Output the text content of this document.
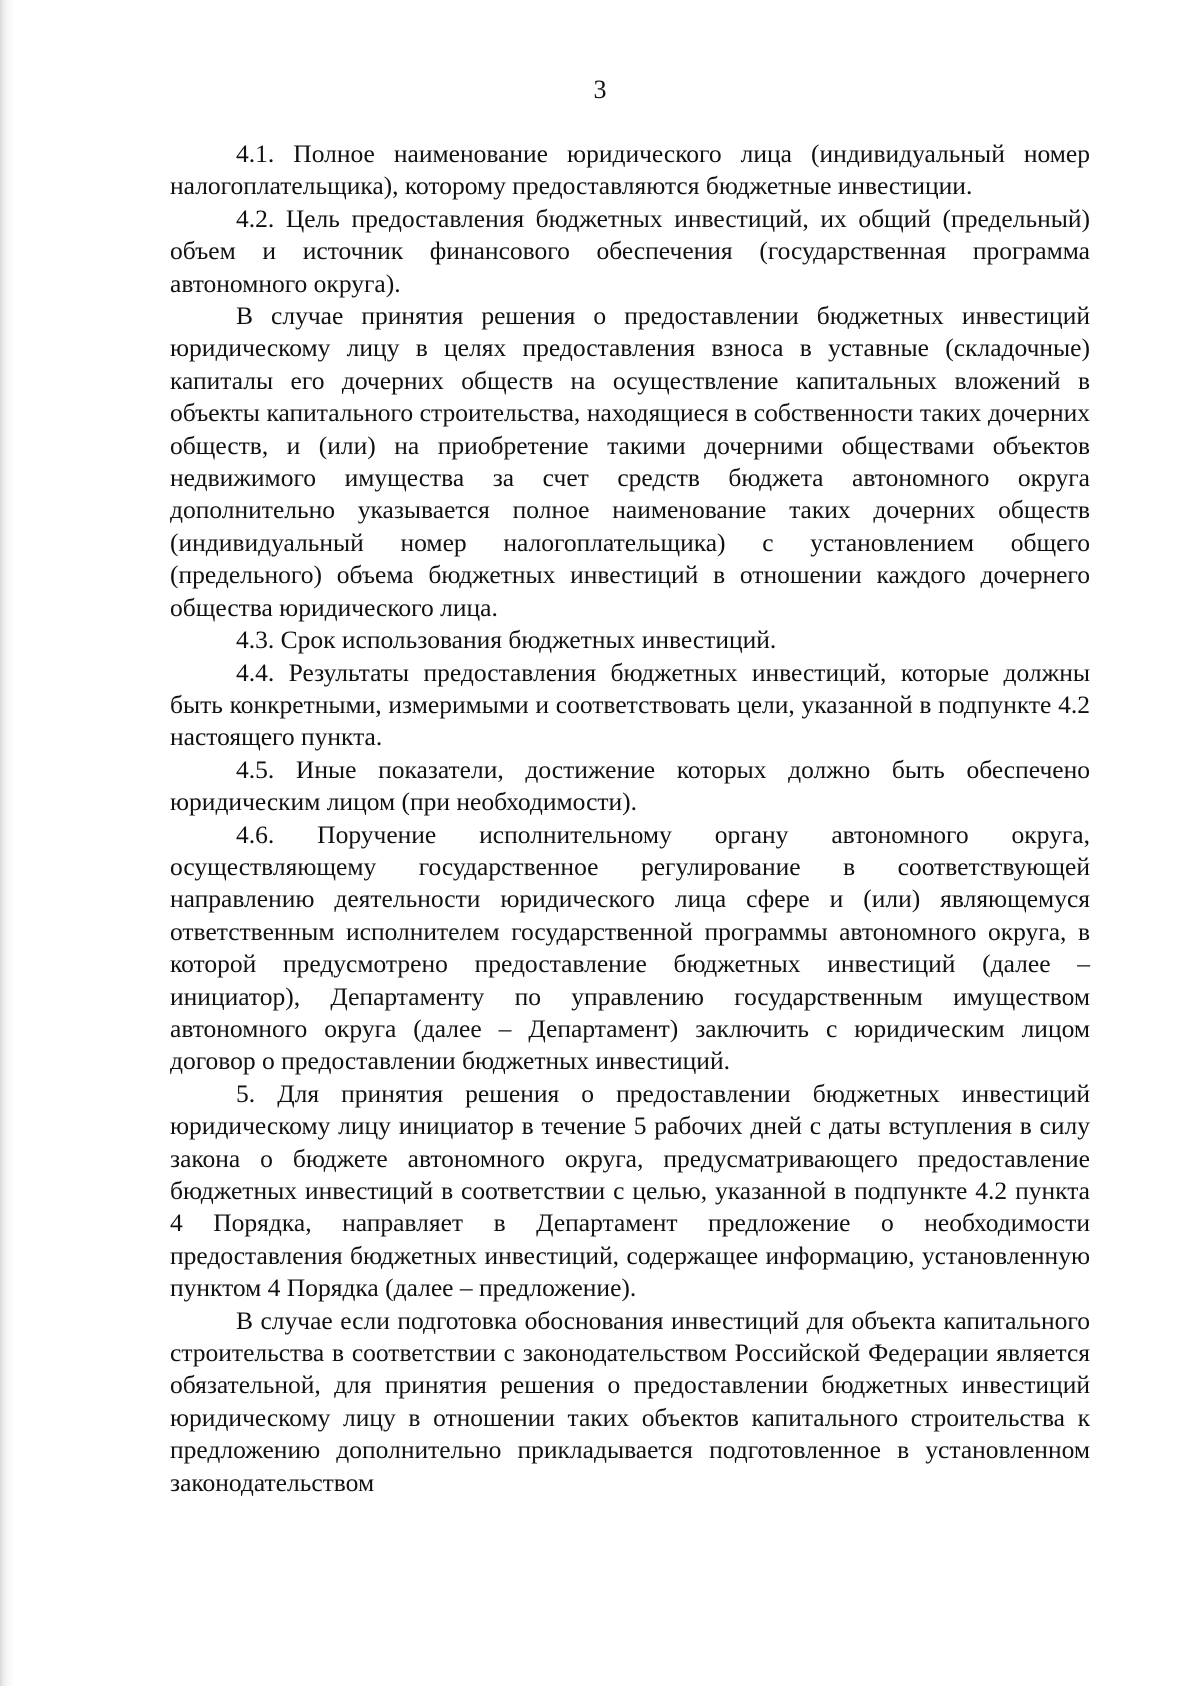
3

4.1. Полное наименование юридического лица (индивидуальный номер налогоплательщика), которому предоставляются бюджетные инвестиции.

4.2. Цель предоставления бюджетных инвестиций, их общий (предельный) объем и источник финансового обеспечения (государственная программа автономного округа).

В случае принятия решения о предоставлении бюджетных инвестиций юридическому лицу в целях предоставления взноса в уставные (складочные) капиталы его дочерних обществ на осуществление капитальных вложений в объекты капитального строительства, находящиеся в собственности таких дочерних обществ, и (или) на приобретение такими дочерними обществами объектов недвижимого имущества за счет средств бюджета автономного округа дополнительно указывается полное наименование таких дочерних обществ (индивидуальный номер налогоплательщика) с установлением общего (предельного) объема бюджетных инвестиций в отношении каждого дочернего общества юридического лица.

4.3. Срок использования бюджетных инвестиций.

4.4. Результаты предоставления бюджетных инвестиций, которые должны быть конкретными, измеримыми и соответствовать цели, указанной в подпункте 4.2 настоящего пункта.

4.5. Иные показатели, достижение которых должно быть обеспечено юридическим лицом (при необходимости).

4.6. Поручение исполнительному органу автономного округа, осуществляющему государственное регулирование в соответствующей направлению деятельности юридического лица сфере и (или) являющемуся ответственным исполнителем государственной программы автономного округа, в которой предусмотрено предоставление бюджетных инвестиций (далее – инициатор), Департаменту по управлению государственным имуществом автономного округа (далее – Департамент) заключить с юридическим лицом договор о предоставлении бюджетных инвестиций.

5. Для принятия решения о предоставлении бюджетных инвестиций юридическому лицу инициатор в течение 5 рабочих дней с даты вступления в силу закона о бюджете автономного округа, предусматривающего предоставление бюджетных инвестиций в соответствии с целью, указанной в подпункте 4.2 пункта 4 Порядка, направляет в Департамент предложение о необходимости предоставления бюджетных инвестиций, содержащее информацию, установленную пунктом 4 Порядка (далее – предложение).

В случае если подготовка обоснования инвестиций для объекта капитального строительства в соответствии с законодательством Российской Федерации является обязательной, для принятия решения о предоставлении бюджетных инвестиций юридическому лицу в отношении таких объектов капитального строительства к предложению дополнительно прикладывается подготовленное в установленном законодательством
